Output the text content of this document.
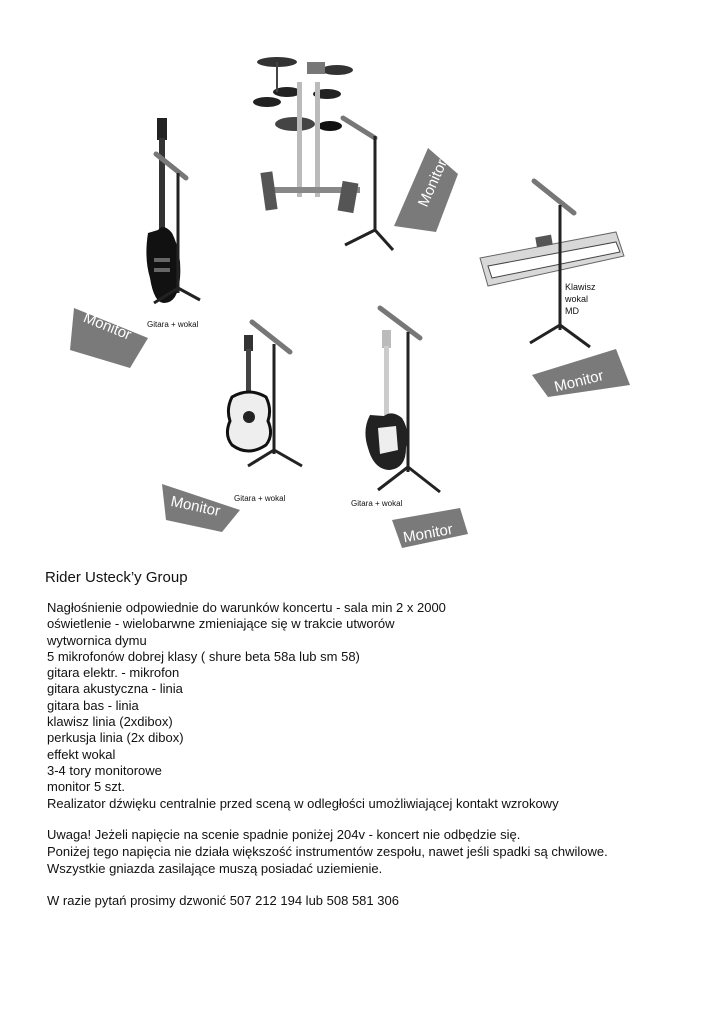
Gitara + wokal
Klawisz
wokal
MD
Gitara + wokal
Gitara + wokal
Monitor
Monitor
Monitor
Monitor
Monitor
Rider Usteck’y Group
Nagłośnienie odpowiednie do warunków koncertu - sala min 2 x 2000
oświetlenie - wielobarwne zmieniające się w trakcie utworów
wytwornica dymu
5 mikrofonów dobrej klasy ( shure beta 58a lub sm 58)
gitara elektr. - mikrofon
gitara akustyczna - linia
gitara bas - linia
klawisz linia (2xdibox)
perkusja linia (2x dibox)
effekt wokal
3-4 tory monitorowe
monitor 5 szt.
Realizator dźwięku centralnie przed sceną w odległości umożliwiającej kontakt wzrokowy
Uwaga! Jeżeli napięcie na scenie spadnie poniżej 204v - koncert nie odbędzie się.
Poniżej tego napięcia nie działa większość instrumentów zespołu, nawet jeśli spadki są chwilowe.
Wszystkie gniazda zasilające muszą posiadać uziemienie.
W razie pytań prosimy dzwonić 507 212 194 lub 508 581 306
